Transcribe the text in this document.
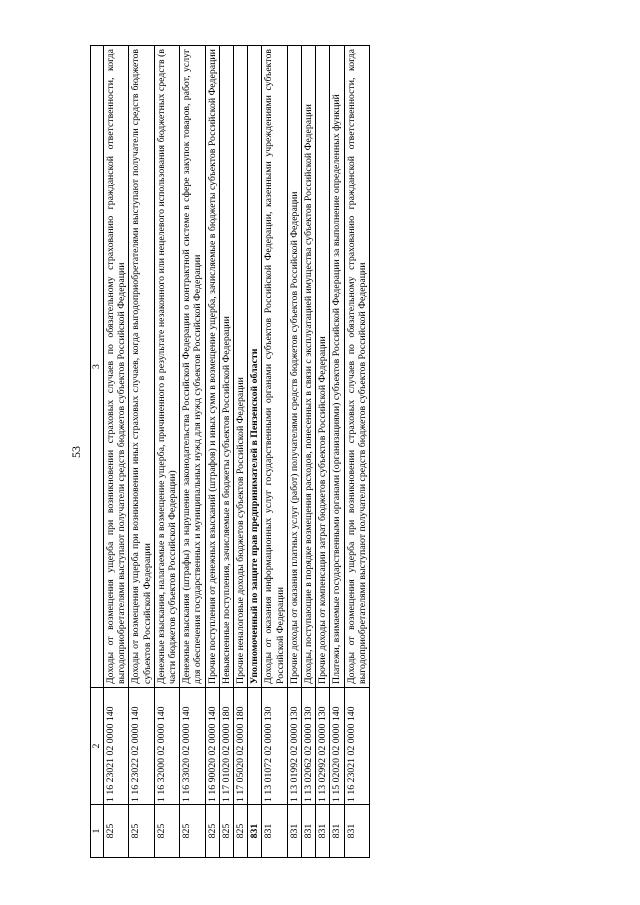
53
1	2	3
825	1 16 23021 02 0000 140	Доходы от возмещения ущерба при возникновении страховых случаев по обязательному страхованию гражданской ответственности, когда выгодоприобретателями выступают получатели средств бюджетов субъектов Российской Федерации
825	1 16 23022 02 0000 140	Доходы от возмещения ущерба при возникновении иных страховых случаев, когда выгодоприобретателями выступают получатели средств бюджетов субъектов Российской Федерации
825	1 16 32000 02 0000 140	Денежные взыскания, налагаемые в возмещение ущерба, причиненного в результате незаконного или нецелевого использования бюджетных средств (в части бюджетов субъектов Российской Федерации)
825	1 16 33020 02 0000 140	Денежные взыскания (штрафы) за нарушение законодательства Российской Федерации о контрактной системе в сфере закупок товаров, работ, услуг для обеспечения государственных и муниципальных нужд для нужд субъектов Российской Федерации
825	1 16 90020 02 0000 140	Прочие поступления от денежных взысканий (штрафов) и иных сумм в возмещение ущерба, зачисляемые в бюджеты субъектов Российской Федерации
825	1 17 01020 02 0000 180	Невыясненные поступления, зачисляемые в бюджеты субъектов Российской Федерации
825	1 17 05020 02 0000 180	Прочие неналоговые доходы бюджетов субъектов Российской Федерации
831		Уполномоченный по защите прав предпринимателей в Пензенской области
831	1 13 01072 02 0000 130	Доходы от оказания информационных услуг государственными органами субъектов Российской Федерации, казенными учреждениями субъектов Российской Федерации
831	1 13 01992 02 0000 130	Прочие доходы от оказания платных услуг (работ) получателями средств бюджетов субъектов Российской Федерации
831	1 13 02062 02 0000 130	Доходы, поступающие в порядке возмещения расходов, понесенных в связи с эксплуатацией имущества субъектов Российской Федерации
831	1 13 02992 02 0000 130	Прочие доходы от компенсации затрат бюджетов субъектов Российской Федерации
831	1 15 02020 02 0000 140	Платежи, взимаемые государственными органами (организациями) субъектов Российской Федерации за выполнение определенных функций
831	1 16 23021 02 0000 140	Доходы от возмещения ущерба при возникновении страховых случаев по обязательному страхованию гражданской ответственности, когда выгодоприобретателями выступают получатели средств бюджетов субъектов Российской Федерации
